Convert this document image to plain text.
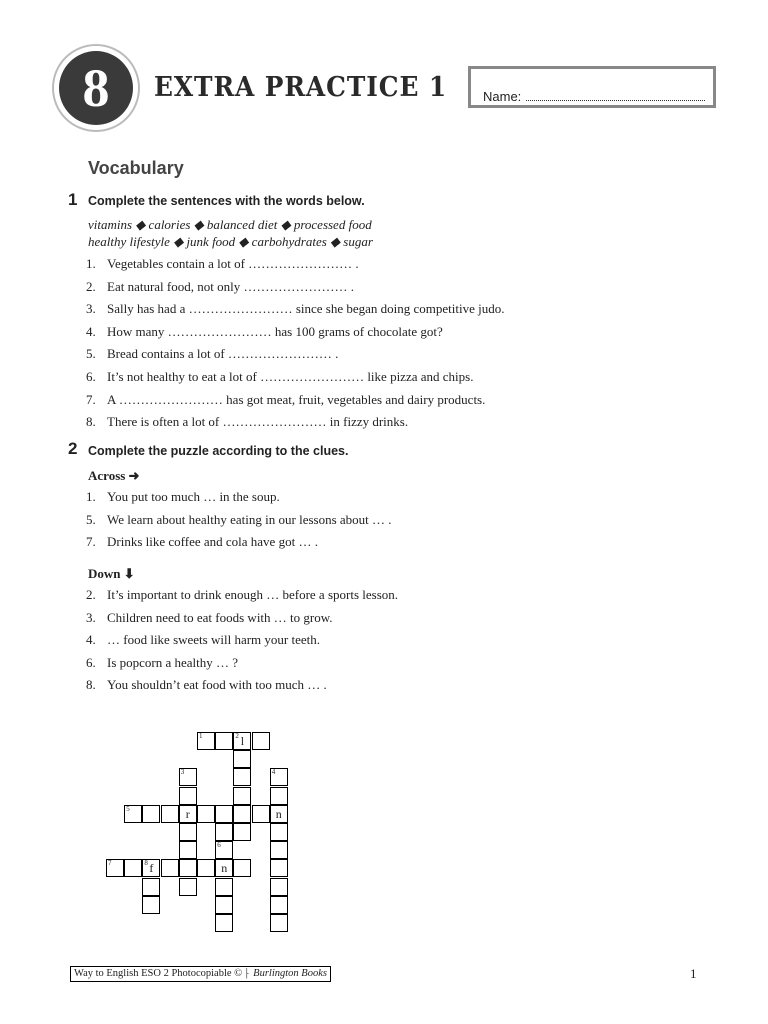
8	EXTRA PRACTICE 1	Name:
Vocabulary
1 Complete the sentences with the words below.
vitamins ◆ calories ◆ balanced diet ◆ processed food
healthy lifestyle ◆ junk food ◆ carbohydrates ◆ sugar
1. Vegetables contain a lot of …………………… .
2. Eat natural food, not only …………………… .
3. Sally has had a …………………… since she began doing competitive judo.
4. How many …………………… has 100 grams of chocolate got?
5. Bread contains a lot of …………………… .
6. It’s not healthy to eat a lot of …………………… like pizza and chips.
7. A …………………… has got meat, fruit, vegetables and dairy products.
8. There is often a lot of …………………… in fizzy drinks.
2 Complete the puzzle according to the clues.
Across ➜
1. You put too much … in the soup.
5. We learn about healthy eating in our lessons about … .
7. Drinks like coffee and cola have got … .
Down ⬇
2. It’s important to drink enough … before a sports lesson.
3. Children need to eat foods with … to grow.
4. … food like sweets will harm your teeth.
6. Is popcorn a healthy … ?
8. You shouldn’t eat food with too much … .
1	2 l
3
r
4
n
5
6
n
7	8 f
Way to English ESO 2 Photocopiable © ⸠ Burlington Books	1
